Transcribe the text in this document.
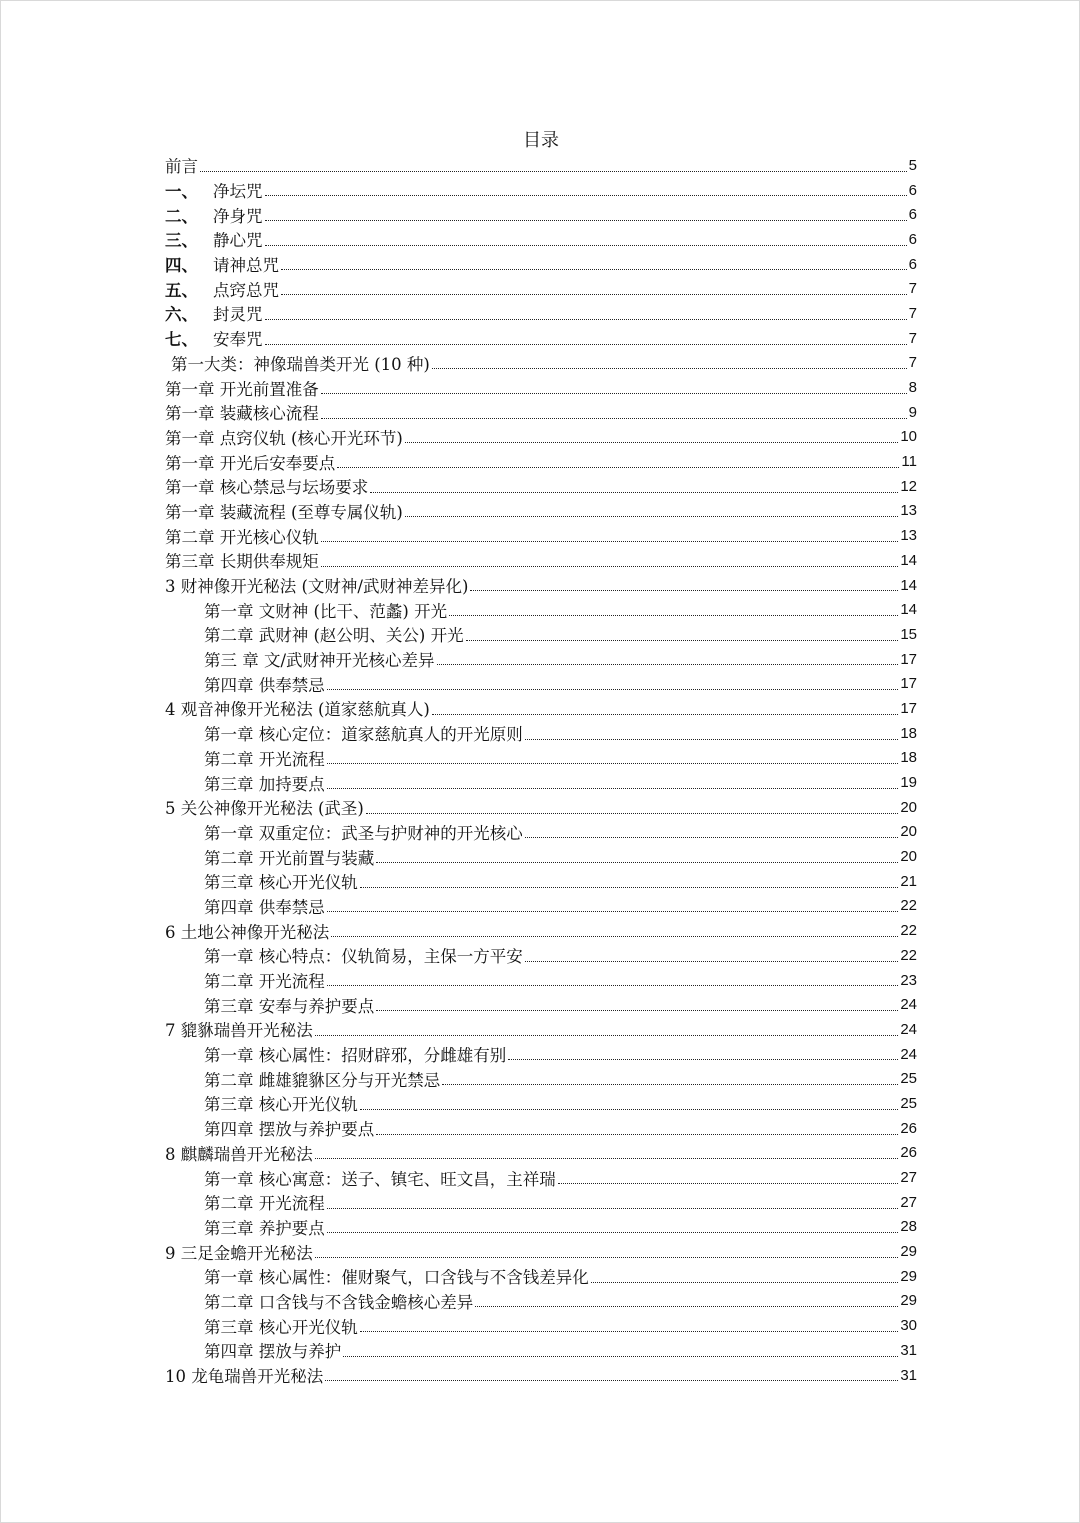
目录
前言	5
一、 净坛咒	6
二、 净身咒	6
三、 静心咒	6
四、 请神总咒	6
五、 点窍总咒	7
六、 封灵咒	7
七、 安奉咒	7
第一大类：神像瑞兽类开光 (10 种)	7
第一章 开光前置准备	8
第一章 装藏核心流程	9
第一章 点窍仪轨 (核心开光环节)	10
第一章 开光后安奉要点	11
第一章 核心禁忌与坛场要求	12
第一章 装藏流程 (至尊专属仪轨)	13
第二章 开光核心仪轨	13
第三章 长期供奉规矩	14
3 财神像开光秘法 (文财神/武财神差异化)	14
第一章 文财神 (比干、范蠡) 开光	14
第二章 武财神 (赵公明、关公) 开光	15
第三 章 文/武财神开光核心差异	17
第四章 供奉禁忌	17
4 观音神像开光秘法 (道家慈航真人)	17
第一章 核心定位：道家慈航真人的开光原则	18
第二章 开光流程	18
第三章 加持要点	19
5 关公神像开光秘法 (武圣)	20
第一章 双重定位：武圣与护财神的开光核心	20
第二章 开光前置与装藏	20
第三章 核心开光仪轨	21
第四章 供奉禁忌	22
6 土地公神像开光秘法	22
第一章 核心特点：仪轨简易，主保一方平安	22
第二章 开光流程	23
第三章 安奉与养护要点	24
7 貔貅瑞兽开光秘法	24
第一章 核心属性：招财辟邪，分雌雄有别	24
第二章 雌雄貔貅区分与开光禁忌	25
第三章 核心开光仪轨	25
第四章 摆放与养护要点	26
8 麒麟瑞兽开光秘法	26
第一章 核心寓意：送子、镇宅、旺文昌，主祥瑞	27
第二章 开光流程	27
第三章 养护要点	28
9 三足金蟾开光秘法	29
第一章 核心属性：催财聚气，口含钱与不含钱差异化	29
第二章 口含钱与不含钱金蟾核心差异	29
第三章 核心开光仪轨	30
第四章 摆放与养护	31
10 龙龟瑞兽开光秘法	31
